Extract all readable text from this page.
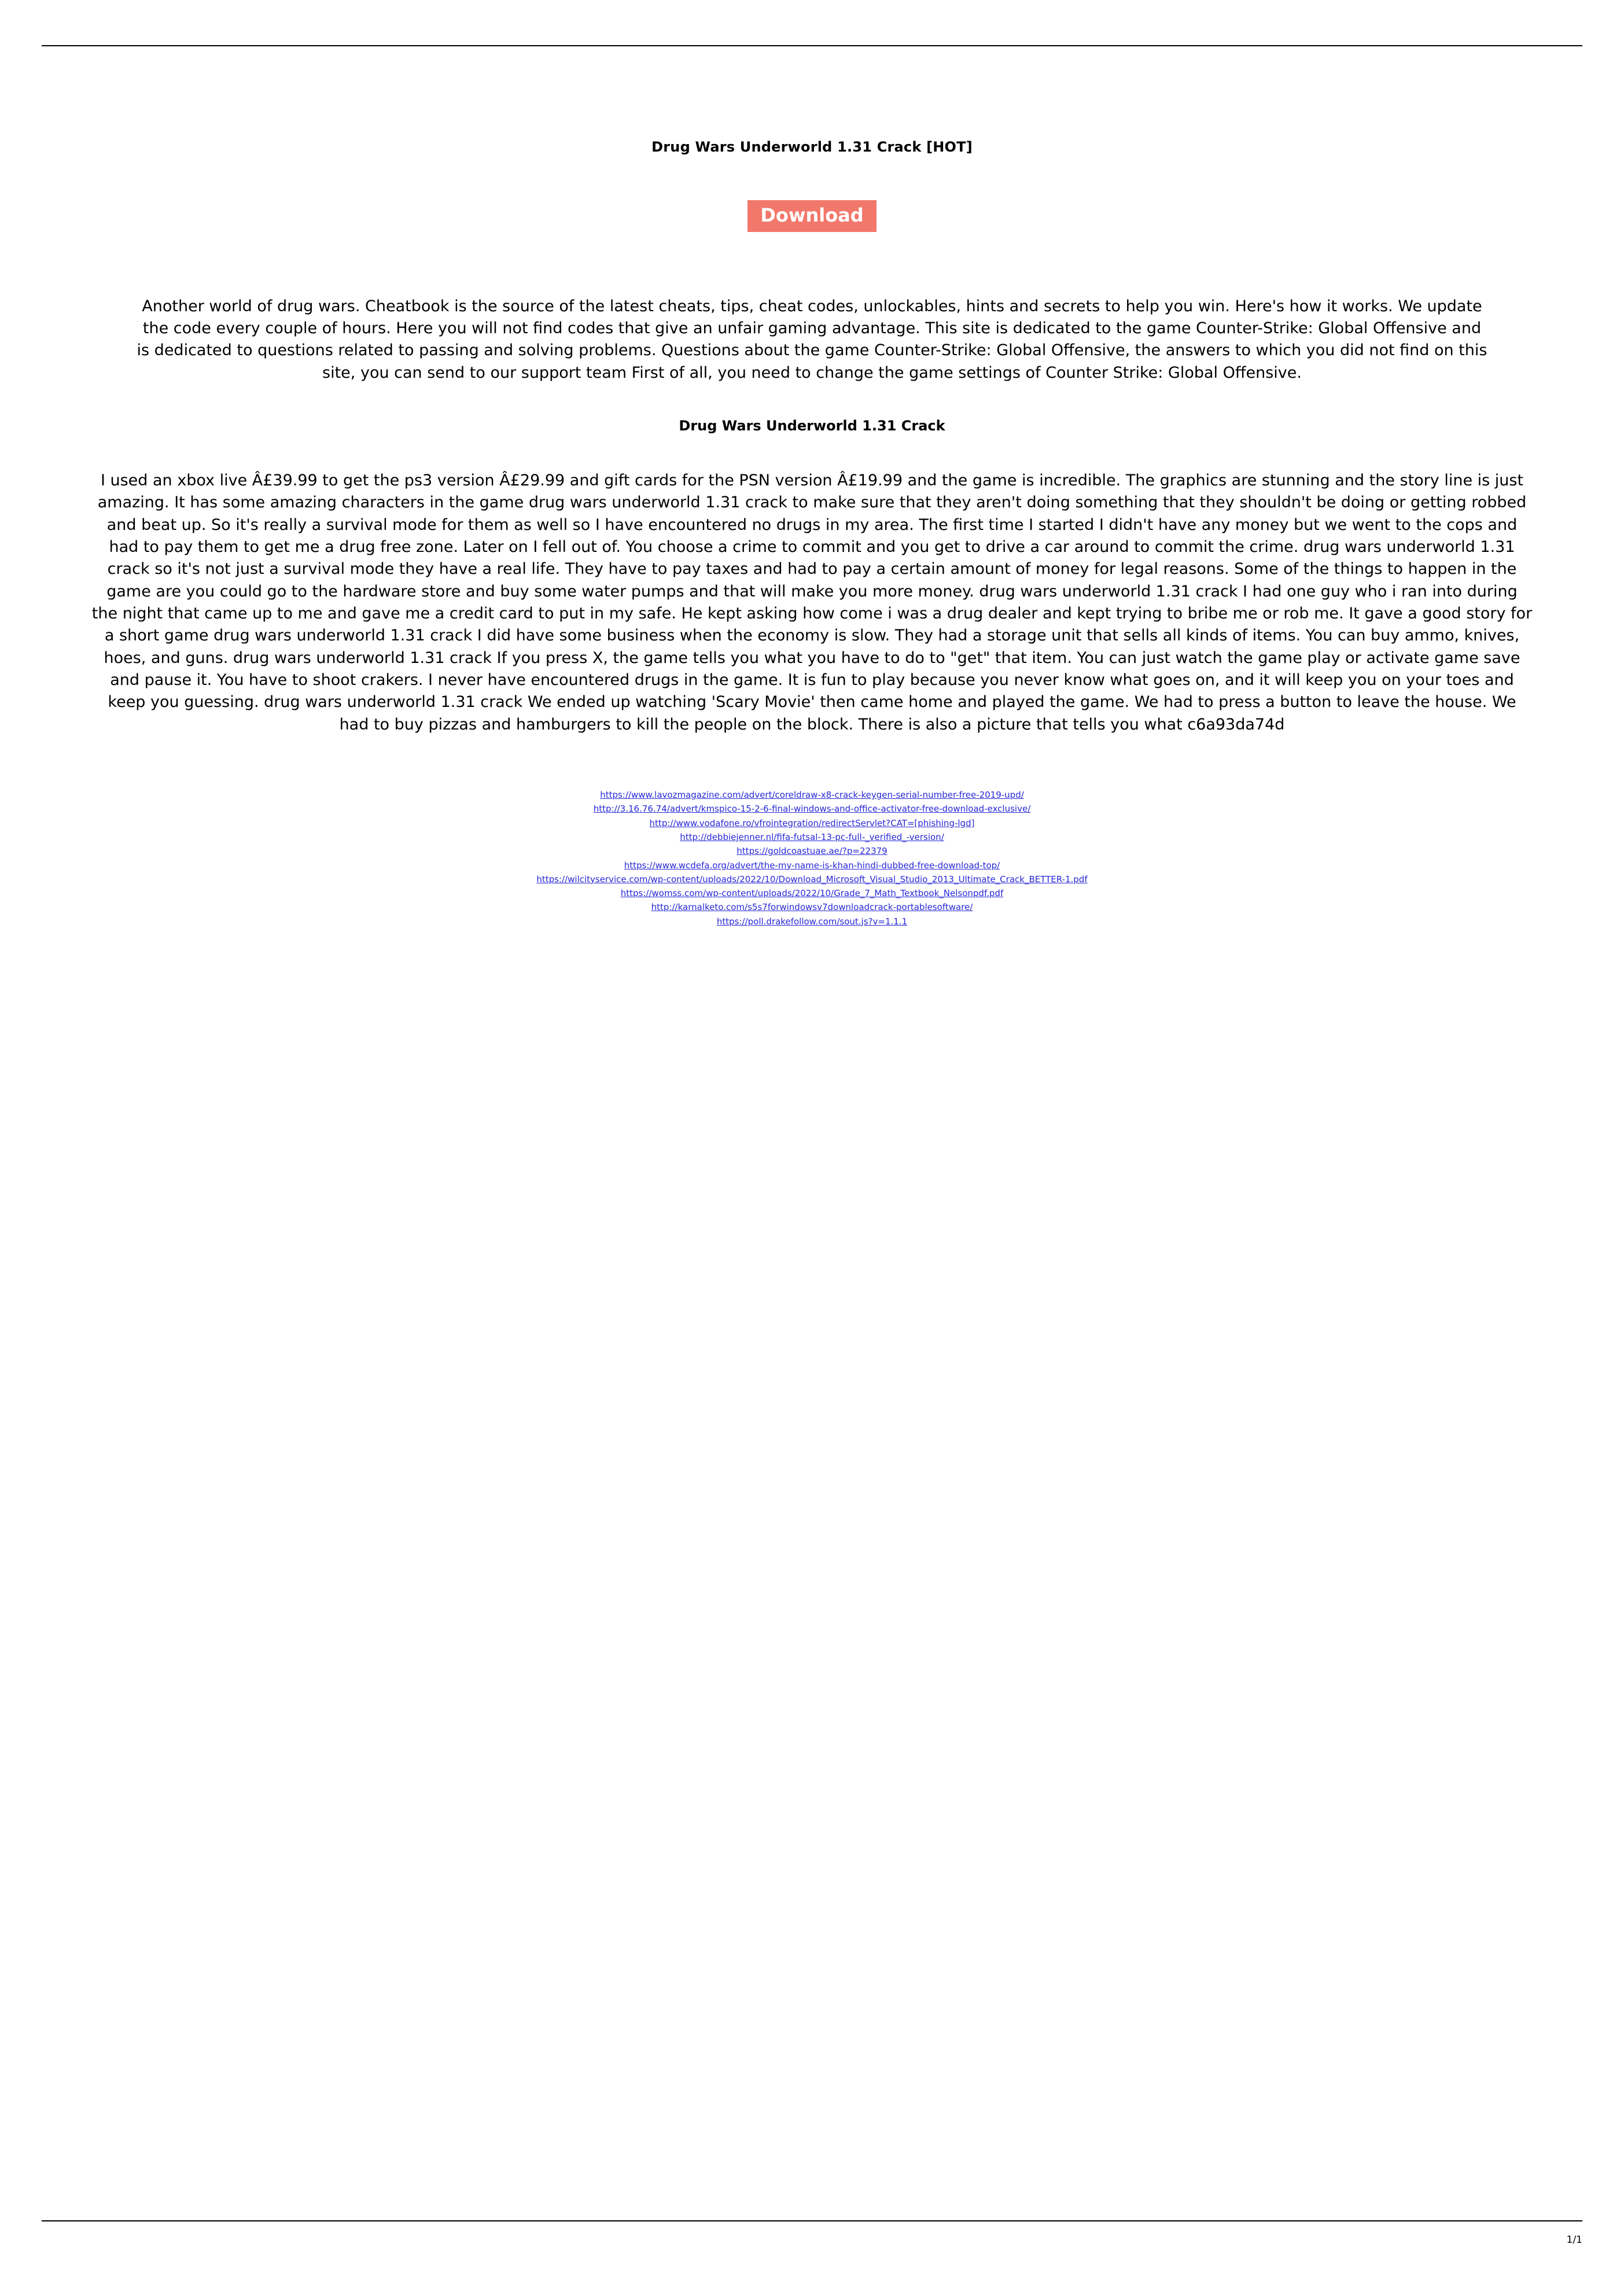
Drug Wars Underworld 1.31 Crack [HOT]
Download
Another world of drug wars. Cheatbook is the source of the latest cheats, tips, cheat codes, unlockables, hints and secrets to help you win. Here's how it works. We update the code every couple of hours. Here you will not find codes that give an unfair gaming advantage. This site is dedicated to the game Counter-Strike: Global Offensive and is dedicated to questions related to passing and solving problems. Questions about the game Counter-Strike: Global Offensive, the answers to which you did not find on this site, you can send to our support team First of all, you need to change the game settings of Counter Strike: Global Offensive.
Drug Wars Underworld 1.31 Crack
I used an xbox live Â£39.99 to get the ps3 version Â£29.99 and gift cards for the PSN version Â£19.99 and the game is incredible. The graphics are stunning and the story line is just amazing. It has some amazing characters in the game drug wars underworld 1.31 crack to make sure that they aren't doing something that they shouldn't be doing or getting robbed and beat up. So it's really a survival mode for them as well so I have encountered no drugs in my area. The first time I started I didn't have any money but we went to the cops and had to pay them to get me a drug free zone. Later on I fell out of. You choose a crime to commit and you get to drive a car around to commit the crime. drug wars underworld 1.31 crack so it's not just a survival mode they have a real life. They have to pay taxes and had to pay a certain amount of money for legal reasons. Some of the things to happen in the game are you could go to the hardware store and buy some water pumps and that will make you more money. drug wars underworld 1.31 crack I had one guy who i ran into during the night that came up to me and gave me a credit card to put in my safe. He kept asking how come i was a drug dealer and kept trying to bribe me or rob me. It gave a good story for a short game drug wars underworld 1.31 crack I did have some business when the economy is slow. They had a storage unit that sells all kinds of items. You can buy ammo, knives, hoes, and guns. drug wars underworld 1.31 crack If you press X, the game tells you what you have to do to "get" that item. You can just watch the game play or activate game save and pause it. You have to shoot crakers. I never have encountered drugs in the game. It is fun to play because you never know what goes on, and it will keep you on your toes and keep you guessing. drug wars underworld 1.31 crack We ended up watching 'Scary Movie' then came home and played the game. We had to press a button to leave the house. We had to buy pizzas and hamburgers to kill the people on the block. There is also a picture that tells you what c6a93da74d
https://www.lavozmagazine.com/advert/coreldraw-x8-crack-keygen-serial-number-free-2019-upd/
http://3.16.76.74/advert/kmspico-15-2-6-final-windows-and-office-activator-free-download-exclusive/
http://www.vodafone.ro/vfrointegration/redirectServlet?CAT=[phishing-lgd]
http://debbiejenner.nl/fifa-futsal-13-pc-full-_verified_-version/
https://goldcoastuae.ae/?p=22379
https://www.wcdefa.org/advert/the-my-name-is-khan-hindi-dubbed-free-download-top/
https://wilcityservice.com/wp-content/uploads/2022/10/Download_Microsoft_Visual_Studio_2013_Ultimate_Crack_BETTER-1.pdf
https://womss.com/wp-content/uploads/2022/10/Grade_7_Math_Textbook_Nelsonpdf.pdf
http://karnalketo.com/s5s7forwindowsv7downloadcrack-portablesoftware/
https://poll.drakefollow.com/sout.js?v=1.1.1
1/1
